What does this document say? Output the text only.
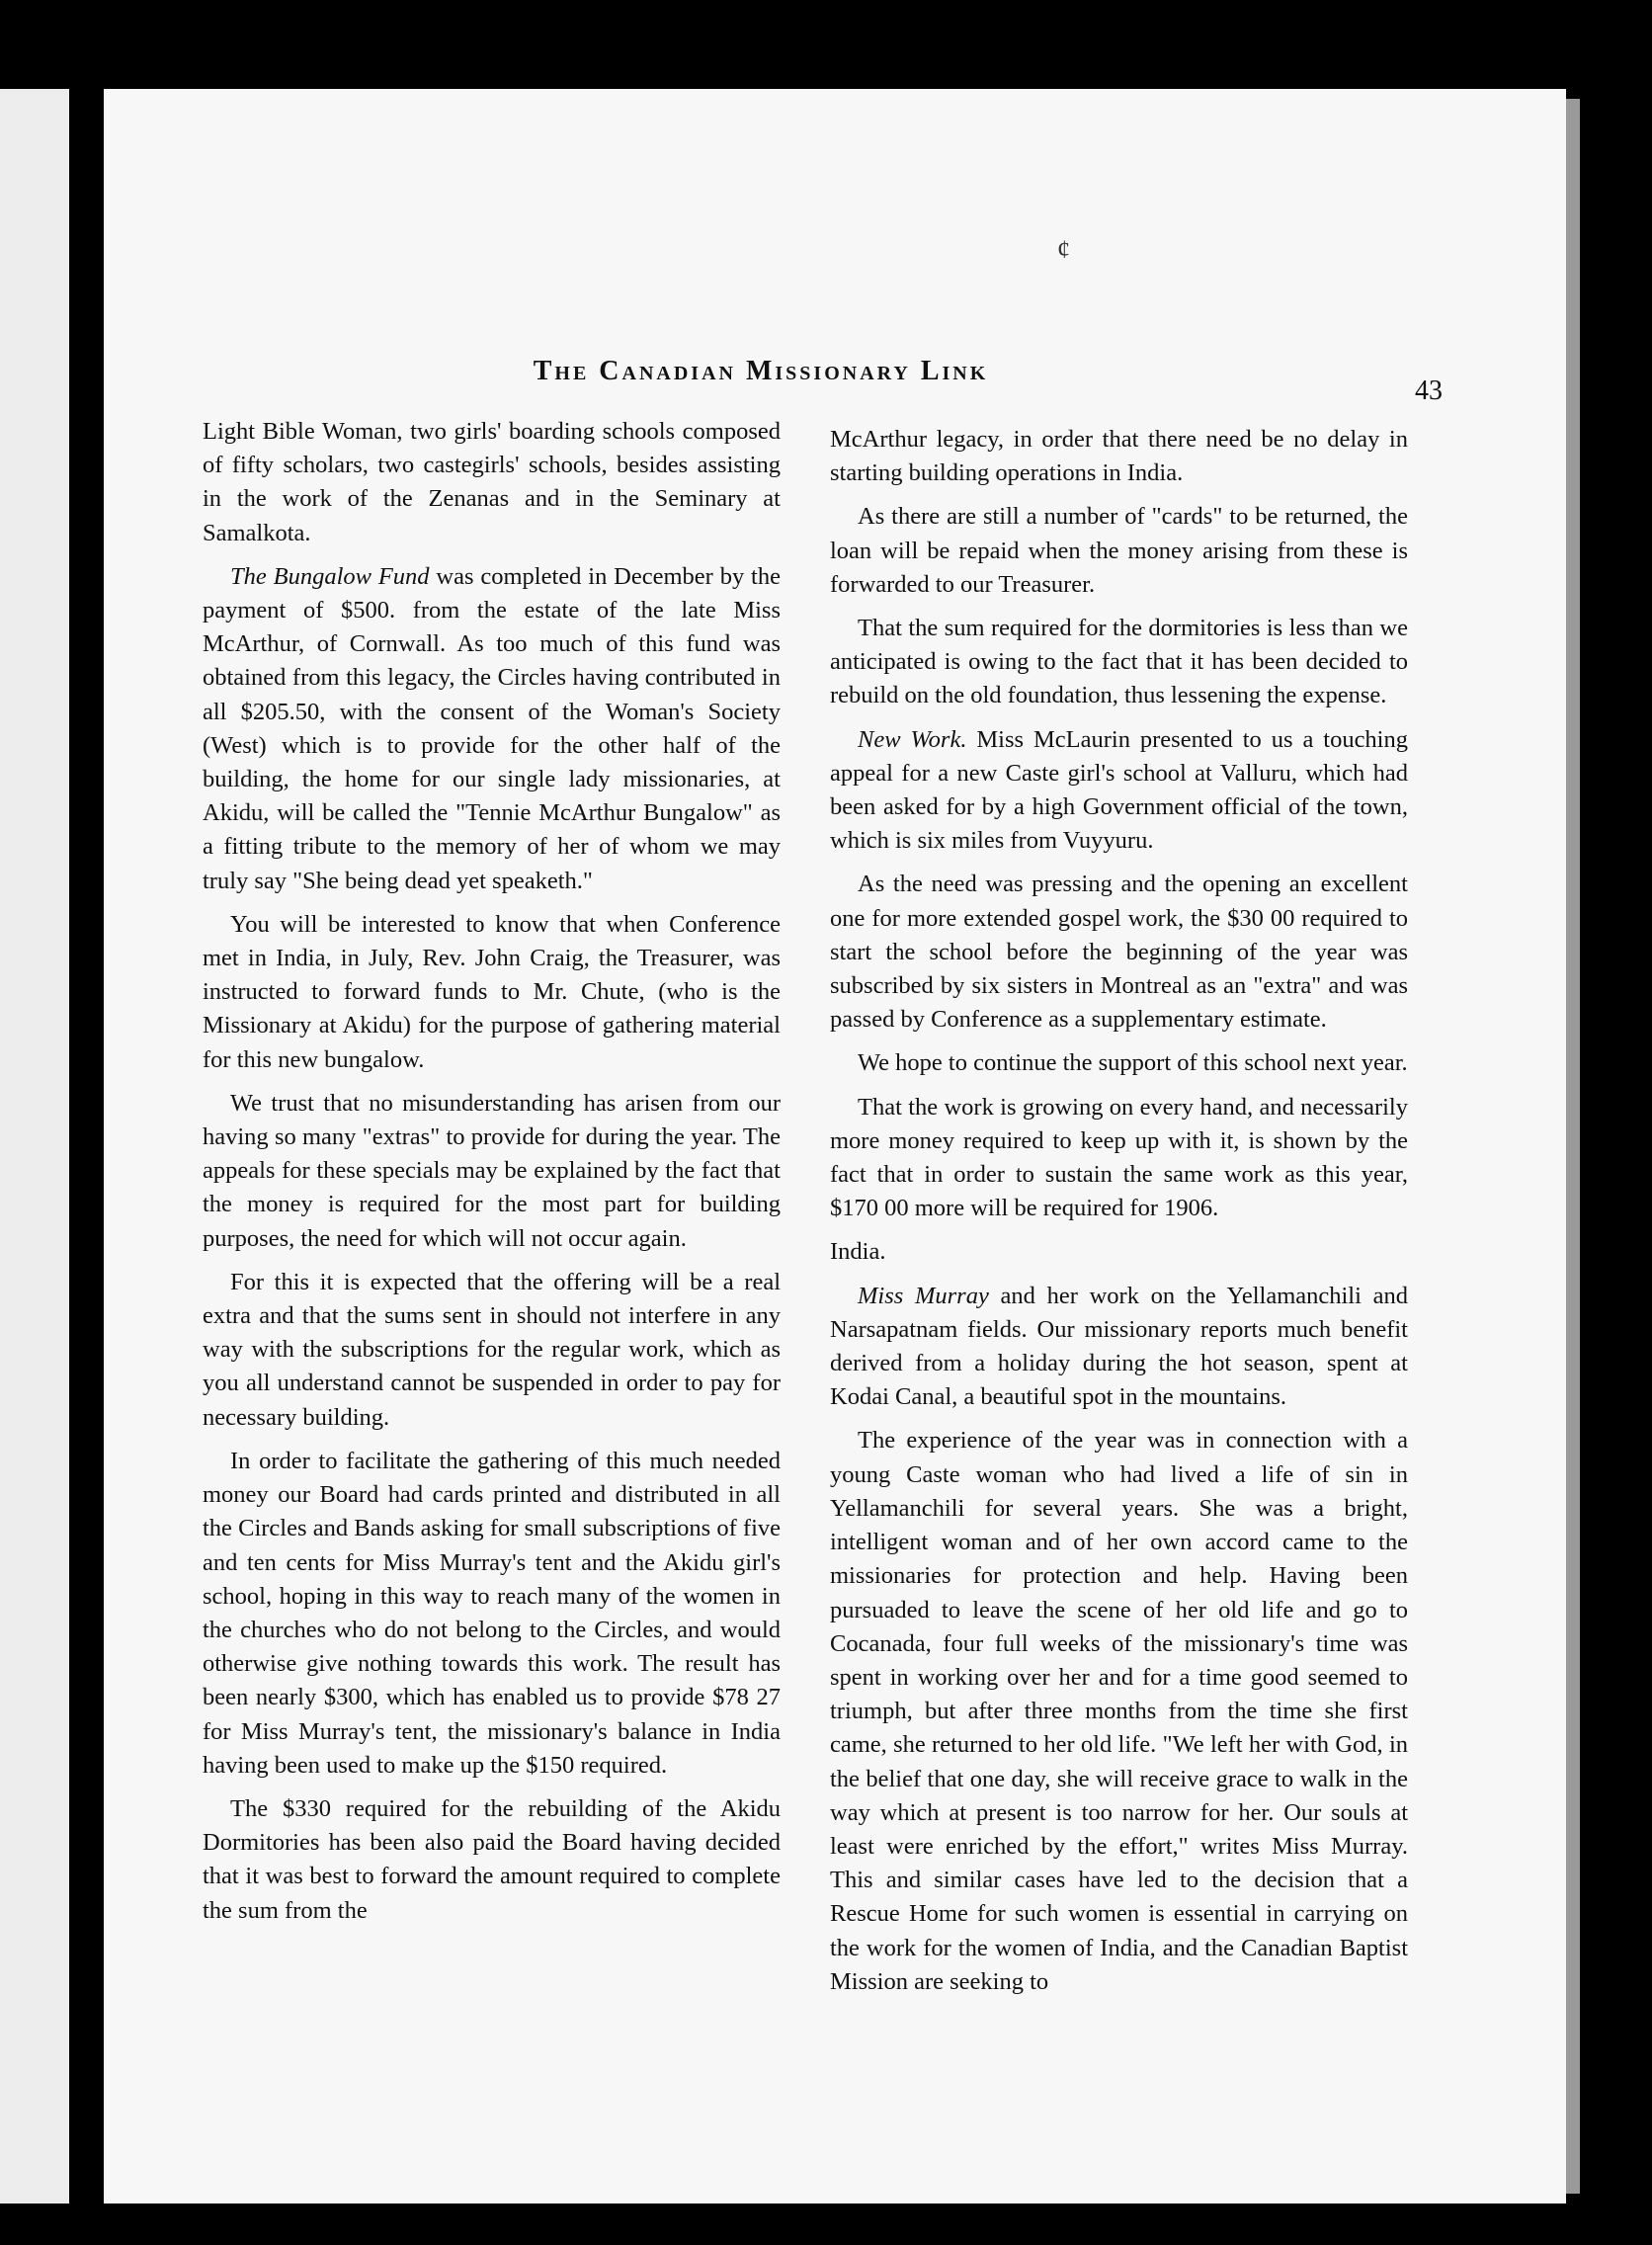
¢
The Canadian Missionary Link
43

Light Bible Woman, two girls' boarding schools composed of fifty scholars, two castegirls' schools, besides assisting in the work of the Zenanas and in the Seminary at Samalkota.

The Bungalow Fund was completed in December by the payment of $500. from the estate of the late Miss McArthur, of Cornwall. As too much of this fund was obtained from this legacy, the Circles having contributed in all $205.50, with the consent of the Woman's Society (West) which is to provide for the other half of the building, the home for our single lady missionaries, at Akidu, will be called the "Tennie McArthur Bungalow" as a fitting tribute to the memory of her of whom we may truly say "She being dead yet speaketh."

You will be interested to know that when Conference met in India, in July, Rev. John Craig, the Treasurer, was instructed to forward funds to Mr. Chute, (who is the Missionary at Akidu) for the purpose of gathering material for this new bungalow.

We trust that no misunderstanding has arisen from our having so many "extras" to provide for during the year. The appeals for these specials may be explained by the fact that the money is required for the most part for building purposes, the need for which will not occur again.

For this it is expected that the offering will be a real extra and that the sums sent in should not interfere in any way with the subscriptions for the regular work, which as you all understand cannot be suspended in order to pay for necessary building.

In order to facilitate the gathering of this much needed money our Board had cards printed and distributed in all the Circles and Bands asking for small subscriptions of five and ten cents for Miss Murray's tent and the Akidu girl's school, hoping in this way to reach many of the women in the churches who do not belong to the Circles, and would otherwise give nothing towards this work. The result has been nearly $300, which has enabled us to provide $78 27 for Miss Murray's tent, the missionary's balance in India having been used to make up the $150 required.

The $330 required for the rebuilding of the Akidu Dormitories has been also paid the Board having decided that it was best to forward the amount required to complete the sum from the

McArthur legacy, in order that there need be no delay in starting building operations in India.

As there are still a number of "cards" to be returned, the loan will be repaid when the money arising from these is forwarded to our Treasurer.

That the sum required for the dormitories is less than we anticipated is owing to the fact that it has been decided to rebuild on the old foundation, thus lessening the expense.

New Work. Miss McLaurin presented to us a touching appeal for a new Caste girl's school at Valluru, which had been asked for by a high Government official of the town, which is six miles from Vuyyuru.

As the need was pressing and the opening an excellent one for more extended gospel work, the $30 00 required to start the school before the beginning of the year was subscribed by six sisters in Montreal as an "extra" and was passed by Conference as a supplementary estimate.

We hope to continue the support of this school next year.

That the work is growing on every hand, and necessarily more money required to keep up with it, is shown by the fact that in order to sustain the same work as this year, $170 00 more will be required for 1906.

India.

Miss Murray and her work on the Yellamanchili and Narsapatnam fields. Our missionary reports much benefit derived from a holiday during the hot season, spent at Kodai Canal, a beautiful spot in the mountains.

The experience of the year was in connection with a young Caste woman who had lived a life of sin in Yellamanchili for several years. She was a bright, intelligent woman and of her own accord came to the missionaries for protection and help. Having been pursuaded to leave the scene of her old life and go to Cocanada, four full weeks of the missionary's time was spent in working over her and for a time good seemed to triumph, but after three months from the time she first came, she returned to her old life. "We left her with God, in the belief that one day, she will receive grace to walk in the way which at present is too narrow for her. Our souls at least were enriched by the effort," writes Miss Murray. This and similar cases have led to the decision that a Rescue Home for such women is essential in carrying on the work for the women of India, and the Canadian Baptist Mission are seeking to
